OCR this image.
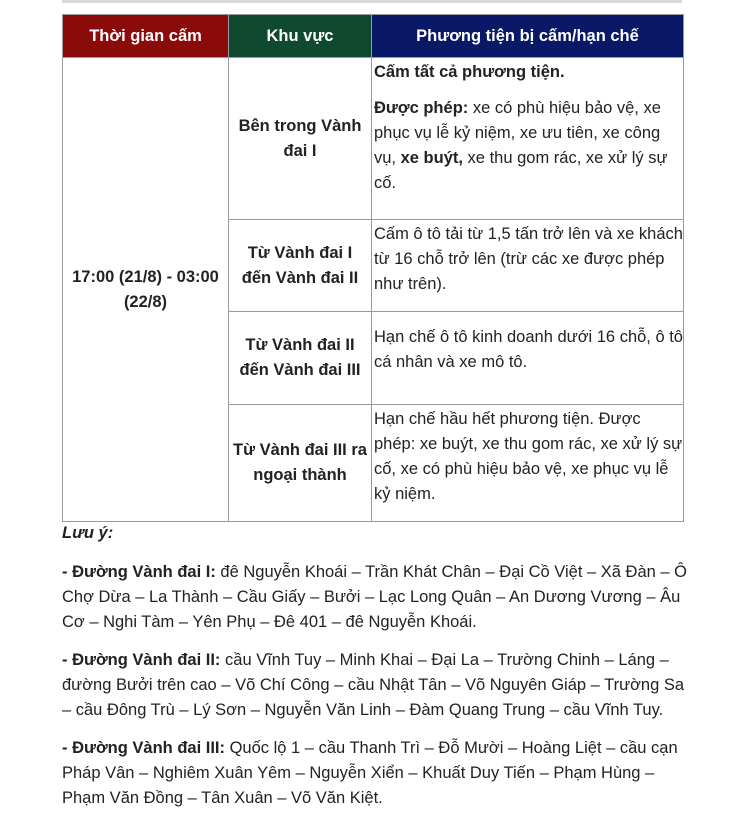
Thời gian cấm	Khu vực	Phương tiện bị cấm/hạn chế
17:00 (21/8) - 03:00 (22/8)	Bên trong Vành đai I	Cấm tất cả phương tiện.

Được phép: xe có phù hiệu bảo vệ, xe phục vụ lễ kỷ niệm, xe ưu tiên, xe công vụ, xe buýt, xe thu gom rác, xe xử lý sự cố.

	Từ Vành đai I đến Vành đai II	Cấm ô tô tải từ 1,5 tấn trở lên và xe khách từ 16 chỗ trở lên (trừ các xe được phép như trên).
	Từ Vành đai II đến Vành đai III	Hạn chế ô tô kinh doanh dưới 16 chỗ, ô tô cá nhân và xe mô tô.
	Từ Vành đai III ra ngoại thành	Hạn chế hầu hết phương tiện. Được phép: xe buýt, xe thu gom rác, xe xử lý sự cố, xe có phù hiệu bảo vệ, xe phục vụ lễ kỷ niệm.

Lưu ý:

- Đường Vành đai I: đê Nguyễn Khoái – Trần Khát Chân – Đại Cồ Việt – Xã Đàn – Ô Chợ Dừa – La Thành – Cầu Giấy – Bưởi – Lạc Long Quân – An Dương Vương – Âu Cơ – Nghi Tàm – Yên Phụ – Đê 401 – đê Nguyễn Khoái.

- Đường Vành đai II: cầu Vĩnh Tuy – Minh Khai – Đại La – Trường Chinh – Láng – đường Bưởi trên cao – Võ Chí Công – cầu Nhật Tân – Võ Nguyên Giáp – Trường Sa – cầu Đông Trù – Lý Sơn – Nguyễn Văn Linh – Đàm Quang Trung – cầu Vĩnh Tuy.

- Đường Vành đai III: Quốc lộ 1 – cầu Thanh Trì – Đỗ Mười – Hoàng Liệt – cầu cạn Pháp Vân – Nghiêm Xuân Yêm – Nguyễn Xiển – Khuất Duy Tiến – Phạm Hùng – Phạm Văn Đồng – Tân Xuân – Võ Văn Kiệt.
